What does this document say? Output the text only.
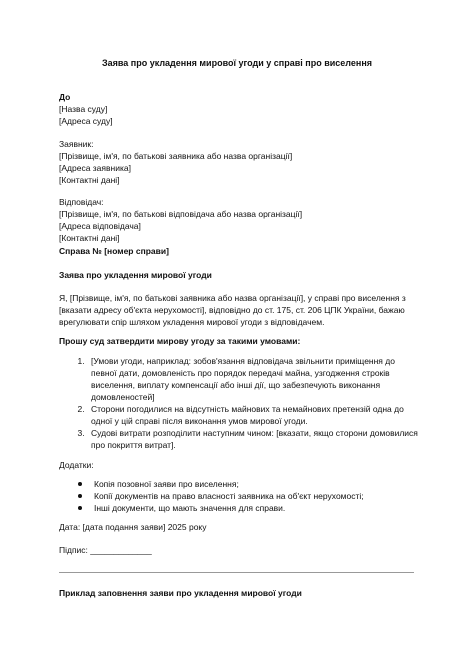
Заява про укладення мирової угоди у справі про виселення
До
[Назва суду]
[Адреса суду]
Заявник:
[Прізвище, ім'я, по батькові заявника або назва організації]
[Адреса заявника]
[Контактні дані]
Відповідач:
[Прізвище, ім'я, по батькові відповідача або назва організації]
[Адреса відповідача]
[Контактні дані]
Справа № [номер справи]
Заява про укладення мирової угоди
Я, [Прізвище, ім'я, по батькові заявника або назва організації], у справі про виселення з [вказати адресу об'єкта нерухомості], відповідно до ст. 175, ст. 206 ЦПК України, бажаю врегулювати спір шляхом укладення мирової угоди з відповідачем.
Прошу суд затвердити мирову угоду за такими умовами:
1. [Умови угоди, наприклад: зобов'язання відповідача звільнити приміщення до певної дати, домовленість про порядок передачі майна, узгодження строків виселення, виплату компенсації або інші дії, що забезпечують виконання домовленостей]
2. Сторони погодилися на відсутність майнових та немайнових претензій одна до одної у цій справі після виконання умов мирової угоди.
3. Судові витрати розподілити наступним чином: [вказати, якщо сторони домовилися про покриття витрат].
Додатки:
Копія позовної заяви про виселення;
Копії документів на право власності заявника на об'єкт нерухомості;
Інші документи, що мають значення для справи.
Дата: [дата подання заяви] 2025 року
Підпис: _____________
Приклад заповнення заяви про укладення мирової угоди
